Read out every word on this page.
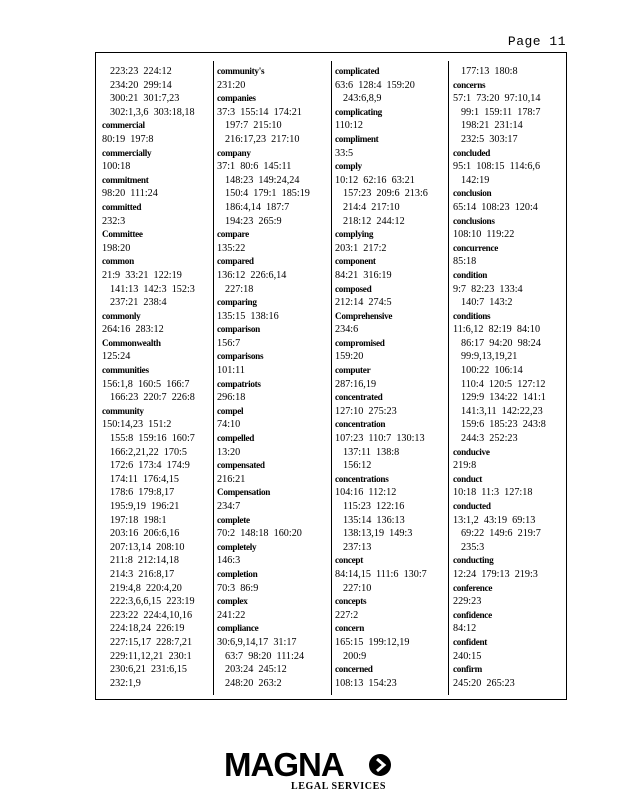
Page 11
223:23  224:12
234:20  299:14
300:21  301:7,23
302:1,3,6  303:18,18
commercial
80:19  197:8
commercially
100:18
commitment
98:20  111:24
committed
232:3
Committee
198:20
common
21:9  33:21  122:19
141:13  142:3  152:3
237:21  238:4
commonly
264:16  283:12
Commonwealth
125:24
communities
156:1,8  160:5  166:7
166:23  220:7  226:8
community
150:14,23  151:2
155:8  159:16  160:7
166:2,21,22  170:5
172:6  173:4  174:9
174:11  176:4,15
178:6  179:8,17
195:9,19  196:21
197:18  198:1
203:16  206:6,16
207:13,14  208:10
211:8  212:14,18
214:3  216:8,17
219:4,8  220:4,20
222:3,6,6,15  223:19
223:22  224:4,10,16
224:18,24  226:19
227:15,17  228:7,21
229:11,12,21  230:1
230:6,21  231:6,15
232:1,9
community's
231:20
companies
37:3  155:14  174:21
197:7  215:10
216:17,23  217:10
company
37:1  80:6  145:11
148:23  149:24,24
150:4  179:1  185:19
186:4,14  187:7
194:23  265:9
compare
135:22
compared
136:12  226:6,14
227:18
comparing
135:15  138:16
comparison
156:7
comparisons
101:11
compatriots
296:18
compel
74:10
compelled
13:20
compensated
216:21
Compensation
234:7
complete
70:2  148:18  160:20
completely
146:3
completion
70:3  86:9
complex
241:22
compliance
30:6,9,14,17  31:17
63:7  98:20  111:24
203:24  245:12
248:20  263:2
complicated
63:6  128:4  159:20
243:6,8,9
complicating
110:12
compliment
33:5
comply
10:12  62:16  63:21
157:23  209:6  213:6
214:4  217:10
218:12  244:12
complying
203:1  217:2
component
84:21  316:19
composed
212:14  274:5
Comprehensive
234:6
compromised
159:20
computer
287:16,19
concentrated
127:10  275:23
concentration
107:23  110:7  130:13
137:11  138:8
156:12
concentrations
104:16  112:12
115:23  122:16
135:14  136:13
138:13,19  149:3
237:13
concept
84:14,15  111:6  130:7
227:10
concepts
227:2
concern
165:15  199:12,19
200:9
concerned
108:13  154:23
177:13  180:8
concerns
57:1  73:20  97:10,14
99:1  159:11  178:7
198:21  231:14
232:5  303:17
concluded
95:1  108:15  114:6,6
142:19
conclusion
65:14  108:23  120:4
conclusions
108:10  119:22
concurrence
85:18
condition
9:7  82:23  133:4
140:7  143:2
conditions
11:6,12  82:19  84:10
86:17  94:20  98:24
99:9,13,19,21
100:22  106:14
110:4  120:5  127:12
129:9  134:22  141:1
141:3,11  142:22,23
159:6  185:23  243:8
244:3  252:23
conducive
219:8
conduct
10:18  11:3  127:18
conducted
13:1,2  43:19  69:13
69:22  149:6  219:7
235:3
conducting
12:24  179:13  219:3
conference
229:23
confidence
84:12
confident
240:15
confirm
245:20  265:23
MAGNA
LEGAL SERVICES
